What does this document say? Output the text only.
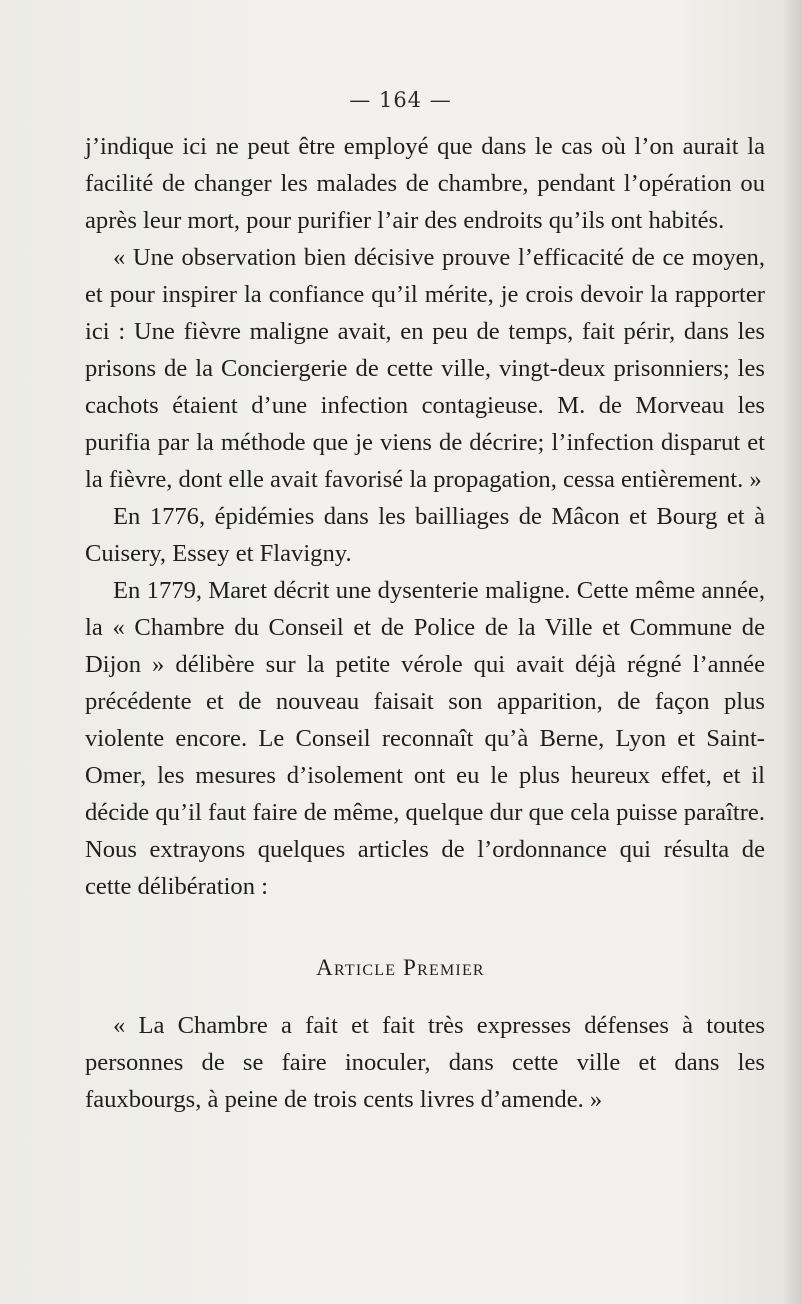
— 164 —

j’indique ici ne peut être employé que dans le cas où l’on aurait la facilité de changer les malades de chambre, pendant l’opération ou après leur mort, pour purifier l’air des endroits qu’ils ont habités.

« Une observation bien décisive prouve l’efficacité de ce moyen, et pour inspirer la confiance qu’il mérite, je crois devoir la rapporter ici : Une fièvre maligne avait, en peu de temps, fait périr, dans les prisons de la Conciergerie de cette ville, vingt-deux prisonniers; les cachots étaient d’une infection contagieuse. M. de Morveau les purifia par la méthode que je viens de décrire; l’infection disparut et la fièvre, dont elle avait favorisé la propagation, cessa entièrement. »

En 1776, épidémies dans les bailliages de Mâcon et Bourg et à Cuisery, Essey et Flavigny.

En 1779, Maret décrit une dysenterie maligne. Cette même année, la « Chambre du Conseil et de Police de la Ville et Commune de Dijon » délibère sur la petite vérole qui avait déjà régné l’année précédente et de nouveau faisait son apparition, de façon plus violente encore. Le Conseil reconnaît qu’à Berne, Lyon et Saint-Omer, les mesures d’isolement ont eu le plus heureux effet, et il décide qu’il faut faire de même, quelque dur que cela puisse paraître. Nous extrayons quelques articles de l’ordonnance qui résulta de cette délibération :

Article Premier

« La Chambre a fait et fait très expresses défenses à toutes personnes de se faire inoculer, dans cette ville et dans les fauxbourgs, à peine de trois cents livres d’amende. »
